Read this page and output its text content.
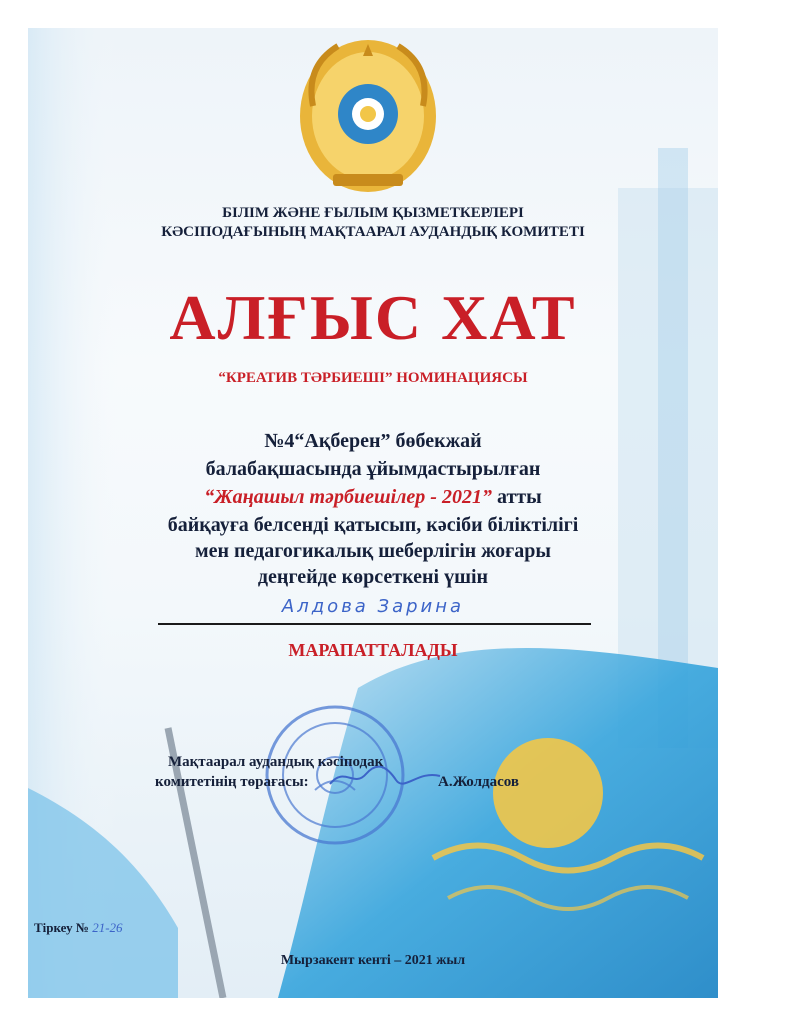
БІЛІМ ЖӘНЕ ҒЫЛЫМ ҚЫЗМЕТКЕРЛЕРІ
КӘСІПОДАҒЫНЫҢ МАҚТААРАЛ АУДАНДЫҚ КОМИТЕТІ
АЛҒЫС ХАТ
“КРЕАТИВ ТӘРБИЕШІ” НОМИНАЦИЯСЫ
№4“Ақберен” бөбекжай
балабақшасында ұйымдастырылған
“Жаңашыл тәрбиешілер - 2021” атты
байқауға белсенді қатысып, кәсіби біліктілігі
мен педагогикалық шеберлігін жоғары
деңгейде көрсеткені үшін
Алдова Зарина
МАРАПАТТАЛАДЫ
Мақтаарал аудандық кәсіподақ
комитетінің төрағасы:	А.Жолдасов
Тіркеу № 21-26
Мырзакент кенті – 2021 жыл
